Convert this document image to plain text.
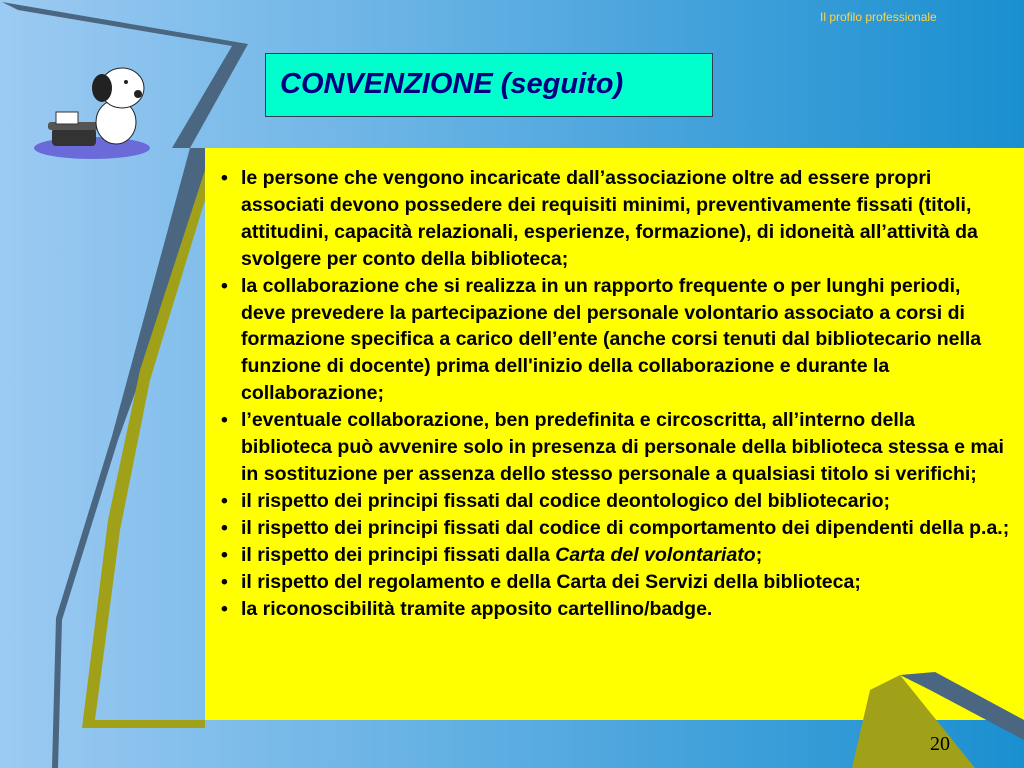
Il profilo professionale
CONVENZIONE (seguito)
• le persone che vengono incaricate dall’associazione oltre ad essere propri associati devono possedere dei requisiti minimi, preventivamente fissati (titoli, attitudini, capacità relazionali, esperienze, formazione), di idoneità all’attività da svolgere per conto della biblioteca;
• la collaborazione che si realizza in un rapporto frequente o per lunghi periodi, deve prevedere la partecipazione del personale volontario associato a corsi di formazione specifica a carico dell’ente (anche corsi tenuti dal bibliotecario nella funzione di docente) prima dell'inizio della collaborazione e durante la collaborazione;
• l’eventuale collaborazione, ben predefinita e circoscritta, all’interno della biblioteca può avvenire solo in presenza di personale della biblioteca stessa e mai in sostituzione per assenza dello stesso personale a qualsiasi titolo si verifichi;
• il rispetto dei principi fissati dal codice deontologico del bibliotecario;
• il rispetto dei principi fissati dal codice di comportamento dei dipendenti della p.a.;
• il rispetto dei principi fissati dalla Carta del volontariato;
• il rispetto del regolamento e della Carta dei Servizi della biblioteca;
• la riconoscibilità tramite apposito cartellino/badge.
20
